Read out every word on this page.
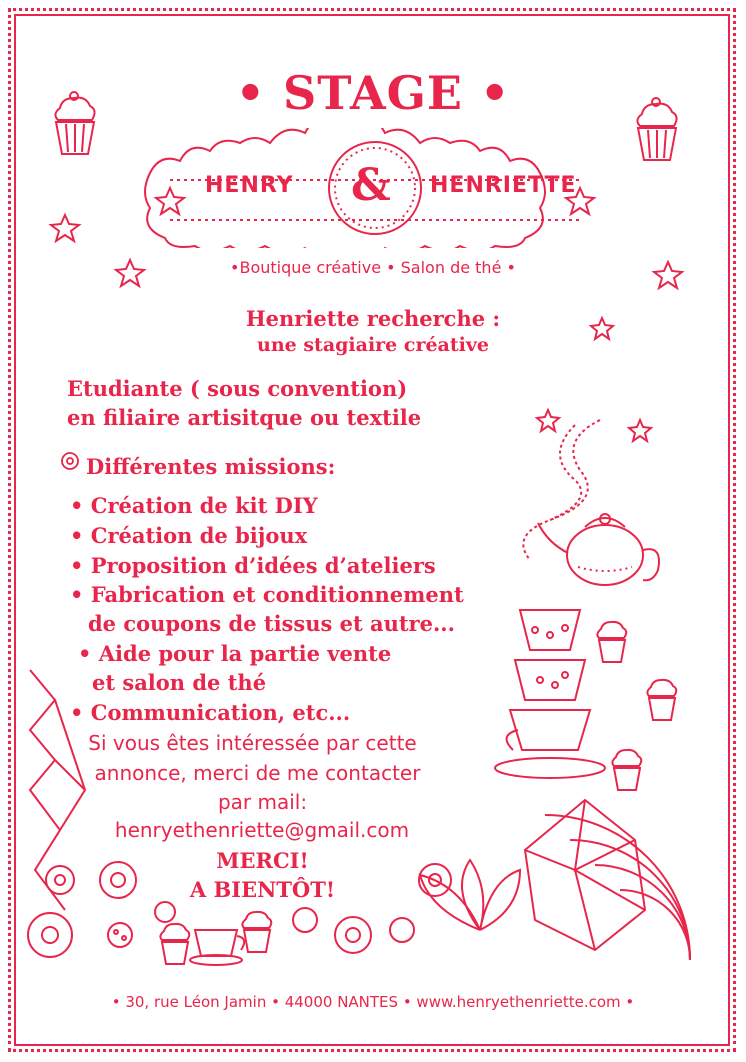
• STAGE •
HENRY & HENRIETTE
•Boutique créative • Salon de thé •
Henriette recherche :
une stagiaire créative
Etudiante ( sous convention)
en filiaire artisitque ou textile
Différentes missions:
• Création de kit DIY
• Création de bijoux
• Proposition d’idées d’ateliers
• Fabrication et conditionnement
de coupons de tissus et autre...
• Aide pour la partie vente
et salon de thé
• Communication, etc...
Si vous êtes intéressée par cette
annonce, merci de me contacter
par mail:
henryethenriette@gmail.com
MERCI!
A BIENTÔT!
• 30, rue Léon Jamin • 44000 NANTES • www.henryethenriette.com •
